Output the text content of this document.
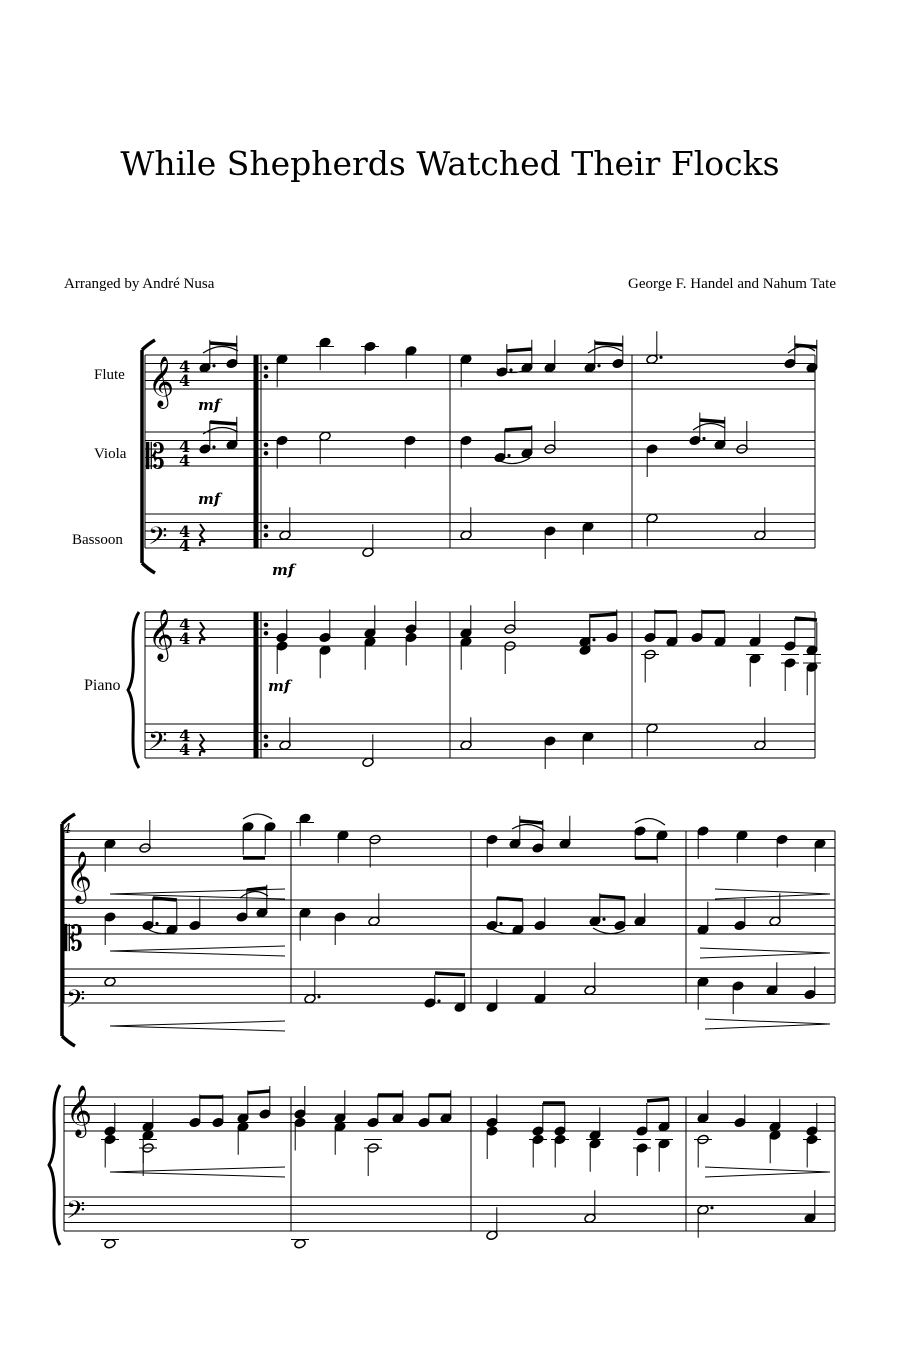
While Shepherds Watched Their Flocks
Arranged by André Nusa	George F. Handel and Nahum Tate
Flute
Viola
Bassoon
Piano
4
4
4
4
4
4
4
4
4
4
mf
mf
mf
mf
4
𝄞
𝄡
𝄢
𝄞
𝄢
𝄞
𝄡
𝄢
𝄞
𝄢
